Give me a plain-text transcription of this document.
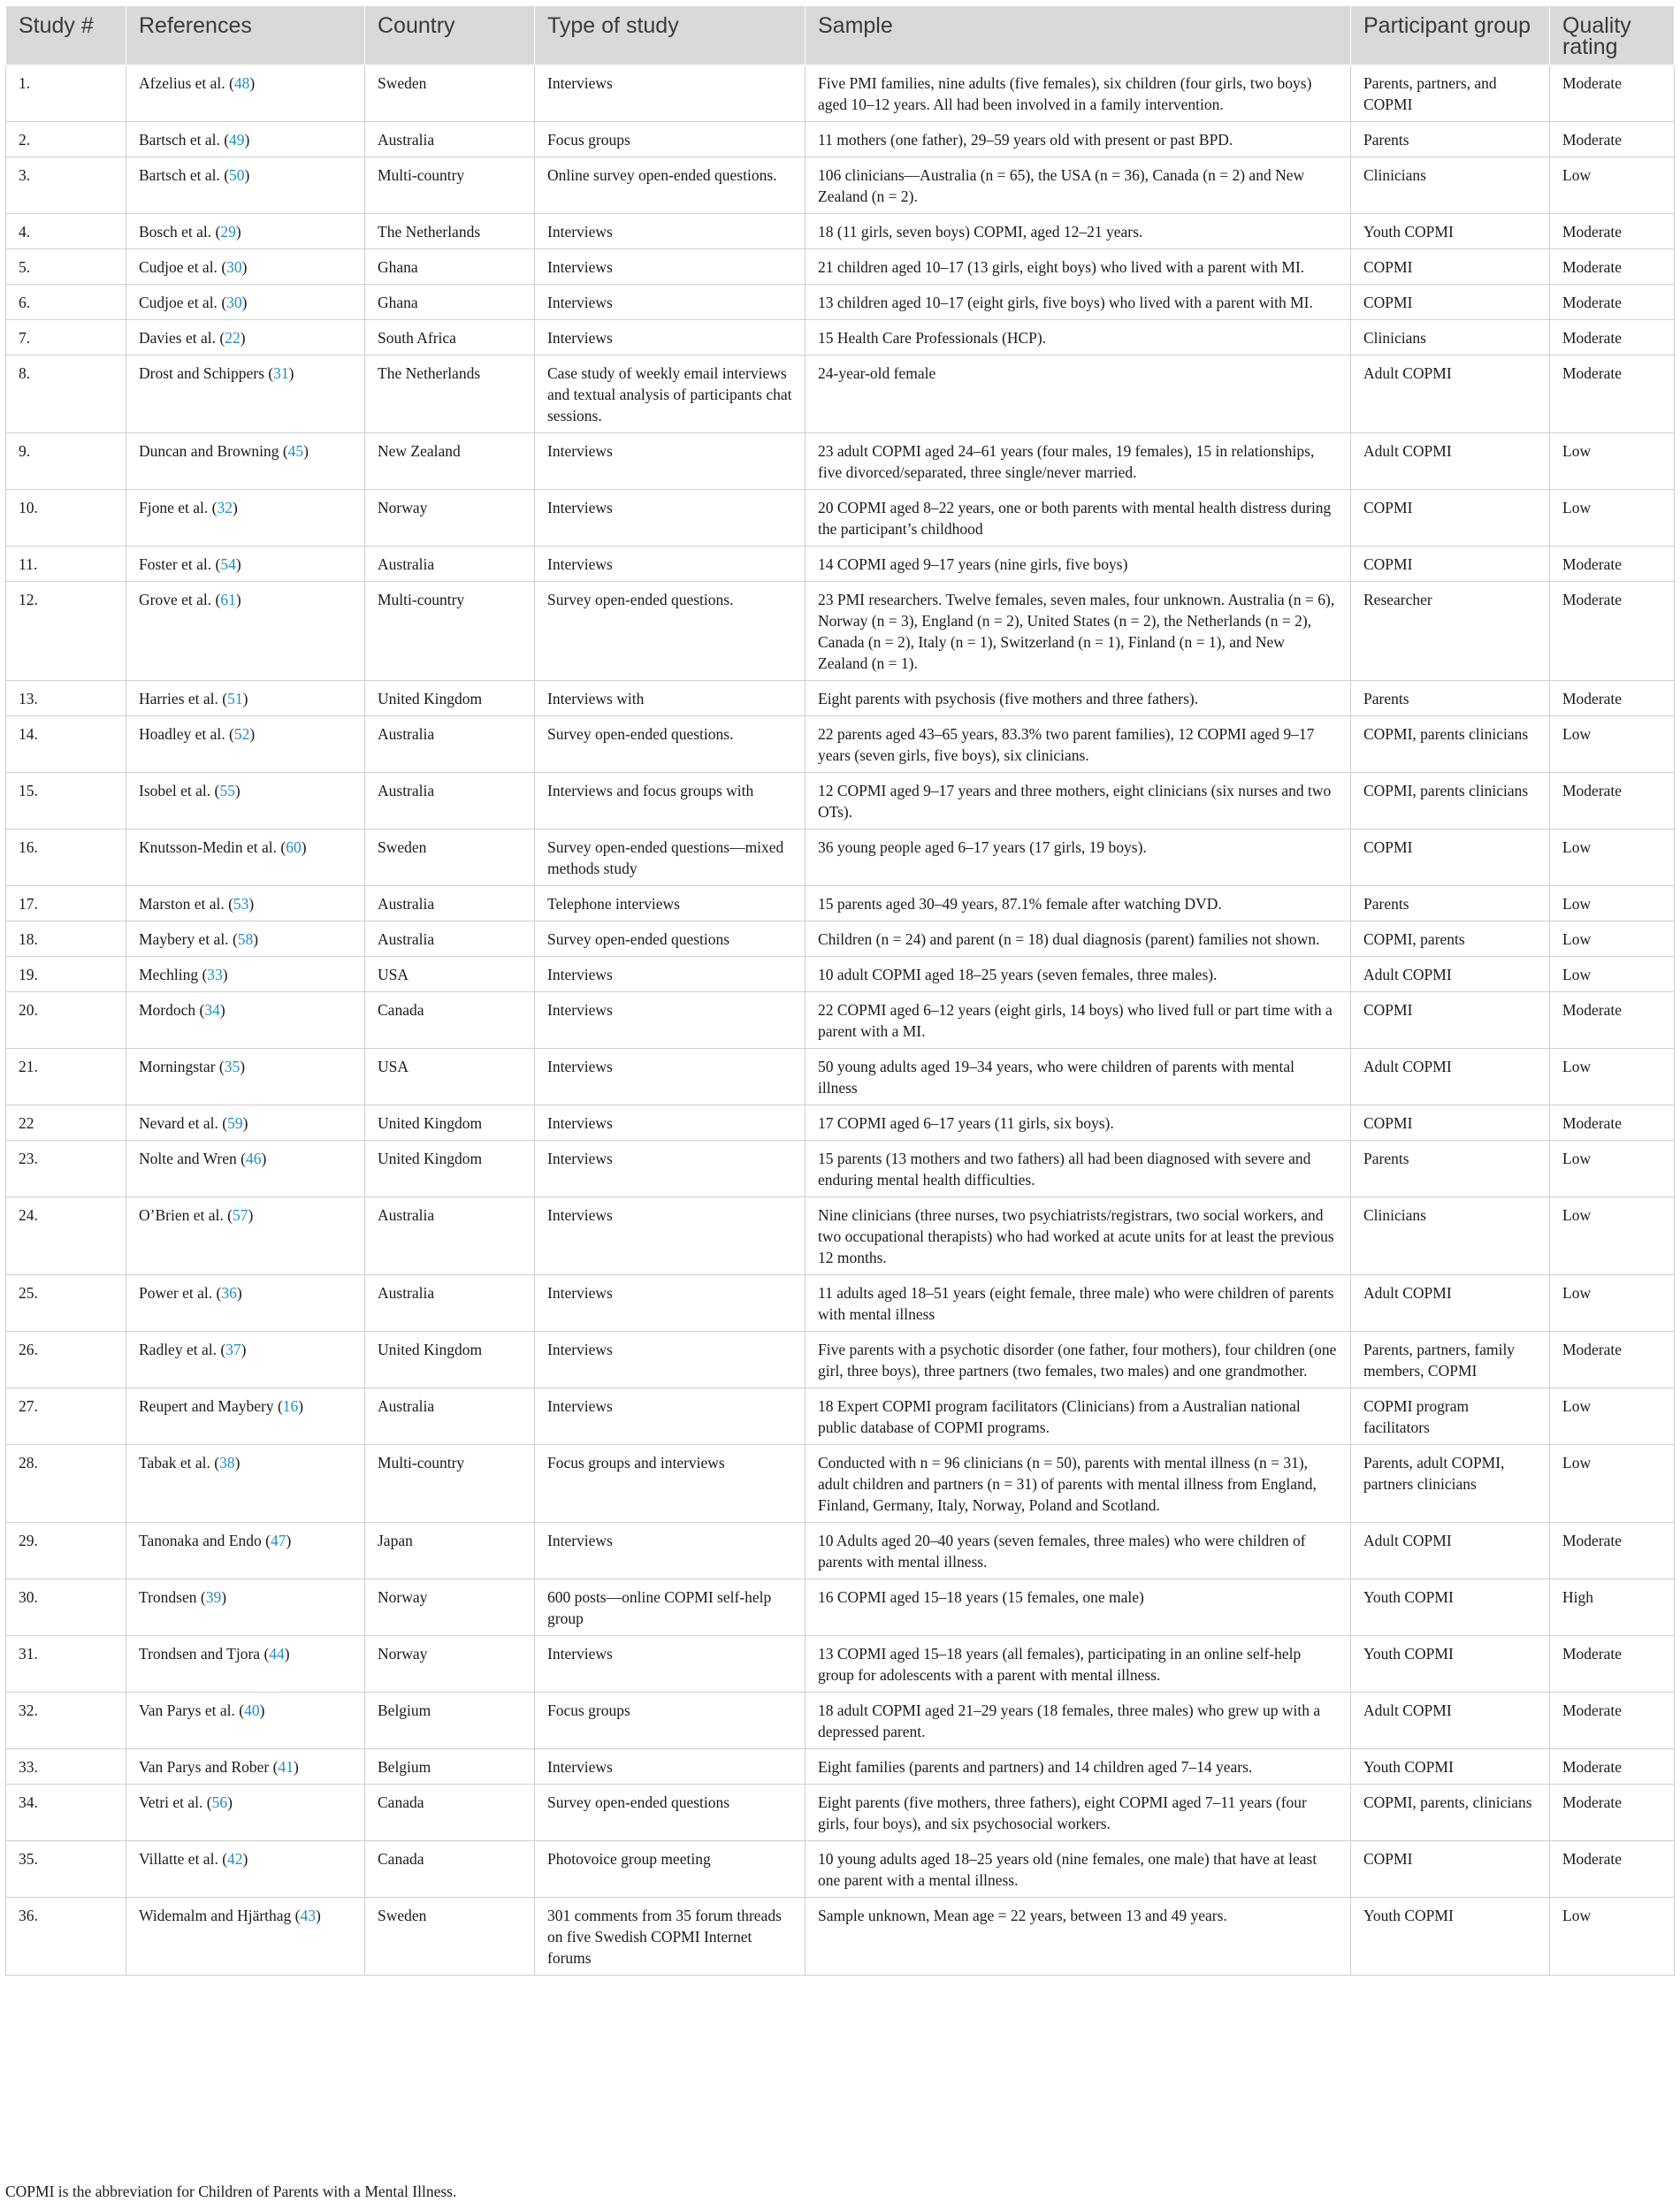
Study #	References	Country	Type of study	Sample	Participant group	Quality rating
1.	Afzelius et al. (48)	Sweden	Interviews	Five PMI families, nine adults (five females), six children (four girls, two boys) aged 10–12 years. All had been involved in a family intervention.	Parents, partners, and COPMI	Moderate
2.	Bartsch et al. (49)	Australia	Focus groups	11 mothers (one father), 29–59 years old with present or past BPD.	Parents	Moderate
3.	Bartsch et al. (50)	Multi-country	Online survey open-ended questions.	106 clinicians—Australia (n = 65), the USA (n = 36), Canada (n = 2) and New Zealand (n = 2).	Clinicians	Low
4.	Bosch et al. (29)	The Netherlands	Interviews	18 (11 girls, seven boys) COPMI, aged 12–21 years.	Youth COPMI	Moderate
5.	Cudjoe et al. (30)	Ghana	Interviews	21 children aged 10–17 (13 girls, eight boys) who lived with a parent with MI.	COPMI	Moderate
6.	Cudjoe et al. (30)	Ghana	Interviews	13 children aged 10–17 (eight girls, five boys) who lived with a parent with MI.	COPMI	Moderate
7.	Davies et al. (22)	South Africa	Interviews	15 Health Care Professionals (HCP).	Clinicians	Moderate
8.	Drost and Schippers (31)	The Netherlands	Case study of weekly email interviews and textual analysis of participants chat sessions.	24-year-old female	Adult COPMI	Moderate
9.	Duncan and Browning (45)	New Zealand	Interviews	23 adult COPMI aged 24–61 years (four males, 19 females), 15 in relationships, five divorced/separated, three single/never married.	Adult COPMI	Low
10.	Fjone et al. (32)	Norway	Interviews	20 COPMI aged 8–22 years, one or both parents with mental health distress during the participant’s childhood	COPMI	Low
11.	Foster et al. (54)	Australia	Interviews	14 COPMI aged 9–17 years (nine girls, five boys)	COPMI	Moderate
12.	Grove et al. (61)	Multi-country	Survey open-ended questions.	23 PMI researchers. Twelve females, seven males, four unknown. Australia (n = 6), Norway (n = 3), England (n = 2), United States (n = 2), the Netherlands (n = 2), Canada (n = 2), Italy (n = 1), Switzerland (n = 1), Finland (n = 1), and New Zealand (n = 1).	Researcher	Moderate
13.	Harries et al. (51)	United Kingdom	Interviews with	Eight parents with psychosis (five mothers and three fathers).	Parents	Moderate
14.	Hoadley et al. (52)	Australia	Survey open-ended questions.	22 parents aged 43–65 years, 83.3% two parent families), 12 COPMI aged 9–17 years (seven girls, five boys), six clinicians.	COPMI, parents clinicians	Low
15.	Isobel et al. (55)	Australia	Interviews and focus groups with	12 COPMI aged 9–17 years and three mothers, eight clinicians (six nurses and two OTs).	COPMI, parents clinicians	Moderate
16.	Knutsson-Medin et al. (60)	Sweden	Survey open-ended questions—mixed methods study	36 young people aged 6–17 years (17 girls, 19 boys).	COPMI	Low
17.	Marston et al. (53)	Australia	Telephone interviews	15 parents aged 30–49 years, 87.1% female after watching DVD.	Parents	Low
18.	Maybery et al. (58)	Australia	Survey open-ended questions	Children (n = 24) and parent (n = 18) dual diagnosis (parent) families not shown.	COPMI, parents	Low
19.	Mechling (33)	USA	Interviews	10 adult COPMI aged 18–25 years (seven females, three males).	Adult COPMI	Low
20.	Mordoch (34)	Canada	Interviews	22 COPMI aged 6–12 years (eight girls, 14 boys) who lived full or part time with a parent with a MI.	COPMI	Moderate
21.	Morningstar (35)	USA	Interviews	50 young adults aged 19–34 years, who were children of parents with mental illness	Adult COPMI	Low
22	Nevard et al. (59)	United Kingdom	Interviews	17 COPMI aged 6–17 years (11 girls, six boys).	COPMI	Moderate
23.	Nolte and Wren (46)	United Kingdom	Interviews	15 parents (13 mothers and two fathers) all had been diagnosed with severe and enduring mental health difficulties.	Parents	Low
24.	O’Brien et al. (57)	Australia	Interviews	Nine clinicians (three nurses, two psychiatrists/registrars, two social workers, and two occupational therapists) who had worked at acute units for at least the previous 12 months.	Clinicians	Low
25.	Power et al. (36)	Australia	Interviews	11 adults aged 18–51 years (eight female, three male) who were children of parents with mental illness	Adult COPMI	Low
26.	Radley et al. (37)	United Kingdom	Interviews	Five parents with a psychotic disorder (one father, four mothers), four children (one girl, three boys), three partners (two females, two males) and one grandmother.	Parents, partners, family members, COPMI	Moderate
27.	Reupert and Maybery (16)	Australia	Interviews	18 Expert COPMI program facilitators (Clinicians) from a Australian national public database of COPMI programs.	COPMI program facilitators	Low
28.	Tabak et al. (38)	Multi-country	Focus groups and interviews	Conducted with n = 96 clinicians (n = 50), parents with mental illness (n = 31), adult children and partners (n = 31) of parents with mental illness from England, Finland, Germany, Italy, Norway, Poland and Scotland.	Parents, adult COPMI, partners clinicians	Low
29.	Tanonaka and Endo (47)	Japan	Interviews	10 Adults aged 20–40 years (seven females, three males) who were children of parents with mental illness.	Adult COPMI	Moderate
30.	Trondsen (39)	Norway	600 posts—online COPMI self-help group	16 COPMI aged 15–18 years (15 females, one male)	Youth COPMI	High
31.	Trondsen and Tjora (44)	Norway	Interviews	13 COPMI aged 15–18 years (all females), participating in an online self-help group for adolescents with a parent with mental illness.	Youth COPMI	Moderate
32.	Van Parys et al. (40)	Belgium	Focus groups	18 adult COPMI aged 21–29 years (18 females, three males) who grew up with a depressed parent.	Adult COPMI	Moderate
33.	Van Parys and Rober (41)	Belgium	Interviews	Eight families (parents and partners) and 14 children aged 7–14 years.	Youth COPMI	Moderate
34.	Vetri et al. (56)	Canada	Survey open-ended questions	Eight parents (five mothers, three fathers), eight COPMI aged 7–11 years (four girls, four boys), and six psychosocial workers.	COPMI, parents, clinicians	Moderate
35.	Villatte et al. (42)	Canada	Photovoice group meeting	10 young adults aged 18–25 years old (nine females, one male) that have at least one parent with a mental illness.	COPMI	Moderate
36.	Widemalm and Hjärthag (43)	Sweden	301 comments from 35 forum threads on five Swedish COPMI Internet forums	Sample unknown, Mean age = 22 years, between 13 and 49 years.	Youth COPMI	Low
COPMI is the abbreviation for Children of Parents with a Mental Illness.
